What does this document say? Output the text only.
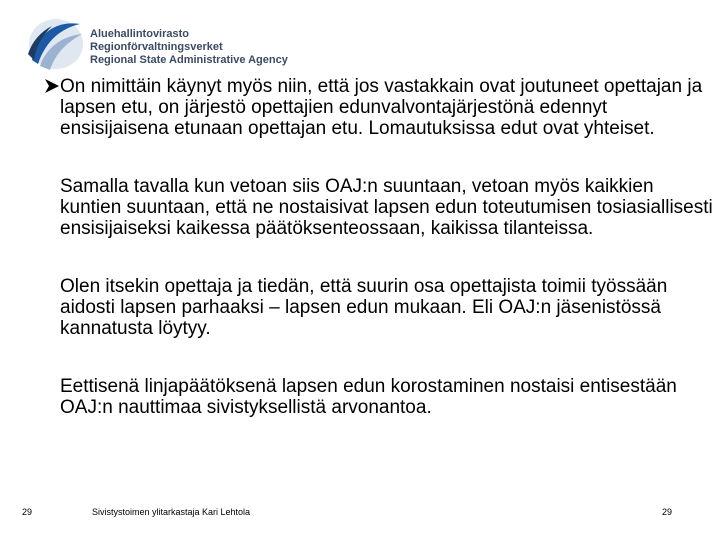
Aluehallintovirasto
Regionförvaltningsverket
Regional State Administrative Agency

On nimittäin käynyt myös niin, että jos vastakkain ovat joutuneet opettajan ja lapsen etu, on järjestö opettajien edunvalvontajärjestönä edennyt ensisijaisena etunaan opettajan etu. Lomautuksissa edut ovat yhteiset.

Samalla tavalla kun vetoan siis OAJ:n suuntaan, vetoan myös kaikkien kuntien suuntaan, että ne nostaisivat lapsen edun toteutumisen tosiasiallisesti ensisijaiseksi kaikessa päätöksenteossaan, kaikissa tilanteissa.

Olen itsekin opettaja ja tiedän, että suurin osa opettajista toimii työssään aidosti lapsen parhaaksi – lapsen edun mukaan. Eli OAJ:n jäsenistössä kannatusta löytyy.

Eettisenä linjapäätöksenä lapsen edun korostaminen nostaisi entisestään OAJ:n nauttimaa sivistyksellistä arvonantoa.

29	Sivistystoimen ylitarkastaja Kari Lehtola	29
